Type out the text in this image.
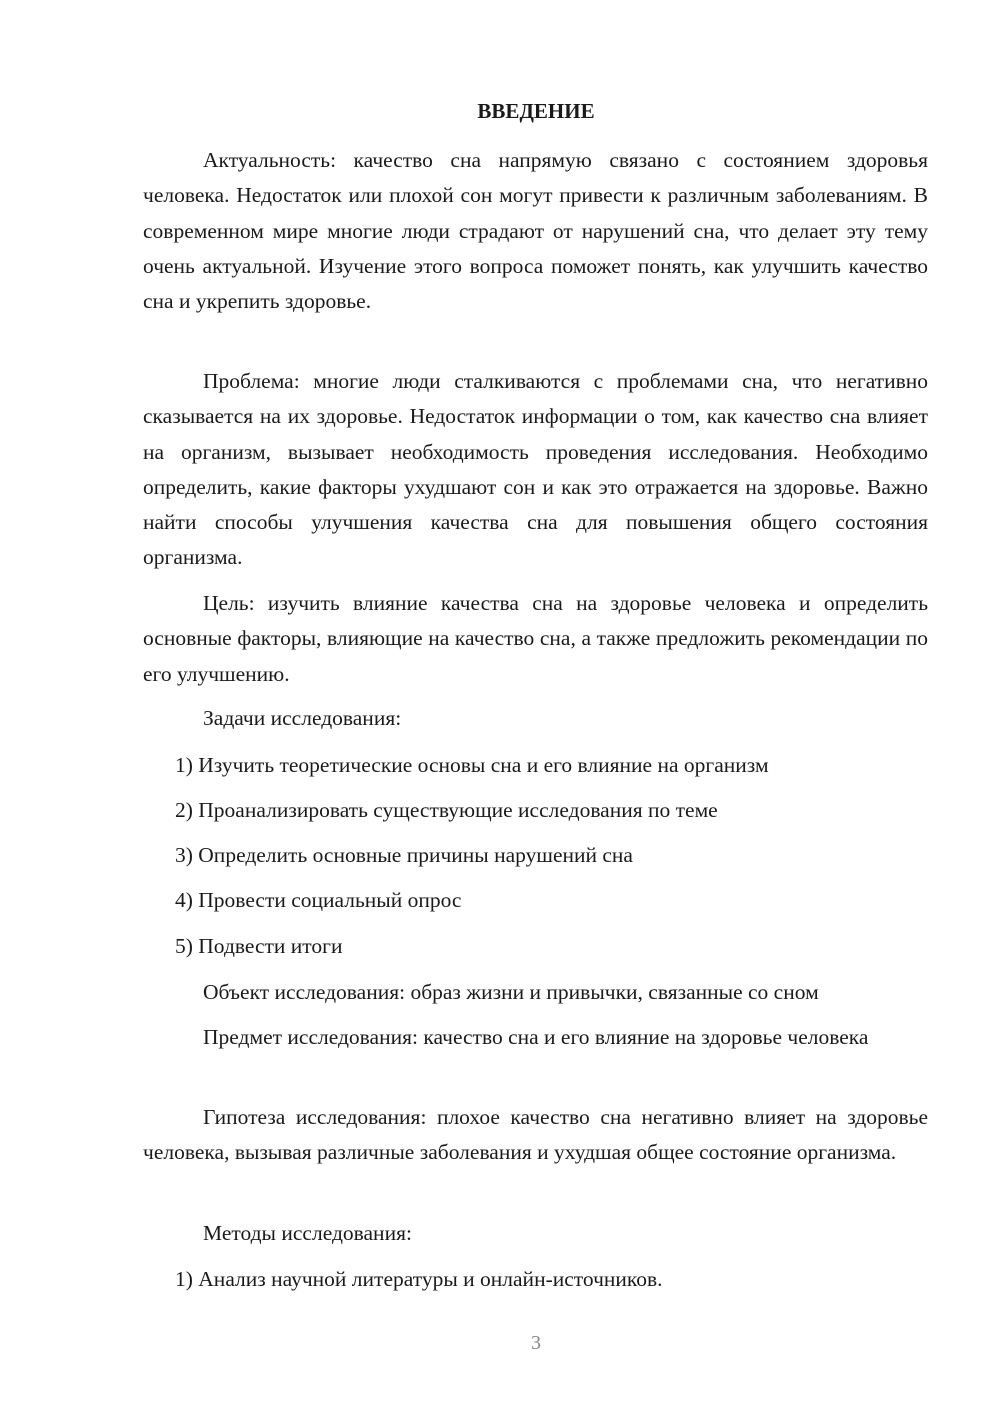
ВВЕДЕНИЕ

Актуальность: качество сна напрямую связано с состоянием здоровья человека. Недостаток или плохой сон могут привести к различным заболеваниям. В современном мире многие люди страдают от нарушений сна, что делает эту тему очень актуальной. Изучение этого вопроса поможет понять, как улучшить качество сна и укрепить здоровье.

Проблема: многие люди сталкиваются с проблемами сна, что негативно сказывается на их здоровье. Недостаток информации о том, как качество сна влияет на организм, вызывает необходимость проведения исследования. Необходимо определить, какие факторы ухудшают сон и как это отражается на здоровье. Важно найти способы улучшения качества сна для повышения общего состояния организма.

Цель: изучить влияние качества сна на здоровье человека и определить основные факторы, влияющие на качество сна, а также предложить рекомендации по его улучшению.

Задачи исследования:

1) Изучить теоретические основы сна и его влияние на организм

2) Проанализировать существующие исследования по теме

3) Определить основные причины нарушений сна

4) Провести социальный опрос

5) Подвести итоги

Объект исследования: образ жизни и привычки, связанные со сном

Предмет исследования: качество сна и его влияние на здоровье человека

Гипотеза исследования: плохое качество сна негативно влияет на здоровье человека, вызывая различные заболевания и ухудшая общее состояние организма.

Методы исследования:

1) Анализ научной литературы и онлайн-источников.

3
